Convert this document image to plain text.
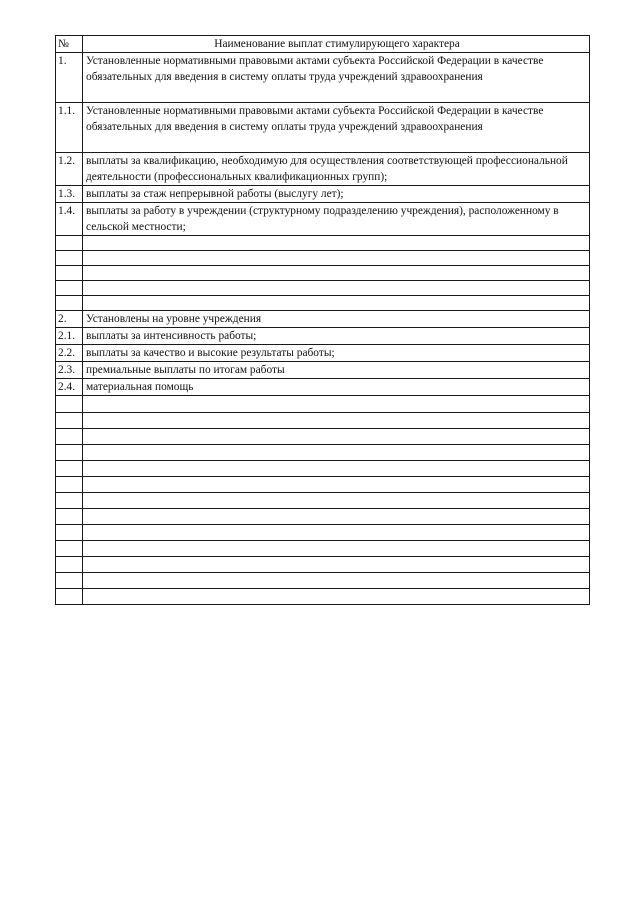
№	Наименование выплат стимулирующего характера
1.	Установленные нормативными правовыми актами субъекта Российской Федерации в качестве обязательных для введения в систему оплаты труда учреждений здравоохранения
1.1.	Установленные нормативными правовыми актами субъекта Российской Федерации в качестве обязательных для введения в систему оплаты труда учреждений здравоохранения
1.2.	выплаты за квалификацию, необходимую для осуществления соответствующей профессиональной деятельности (профессиональных квалификационных групп);
1.3.	выплаты за стаж непрерывной работы (выслугу лет);
1.4.	выплаты за работу в учреждении (структурному подразделению учреждения), расположенному в сельской местности;

2.	Установлены на уровне учреждения
2.1.	выплаты за интенсивность работы;
2.2.	выплаты за качество и высокие результаты работы;
2.3.	премиальные выплаты по итогам работы
2.4.	материальная помощь
